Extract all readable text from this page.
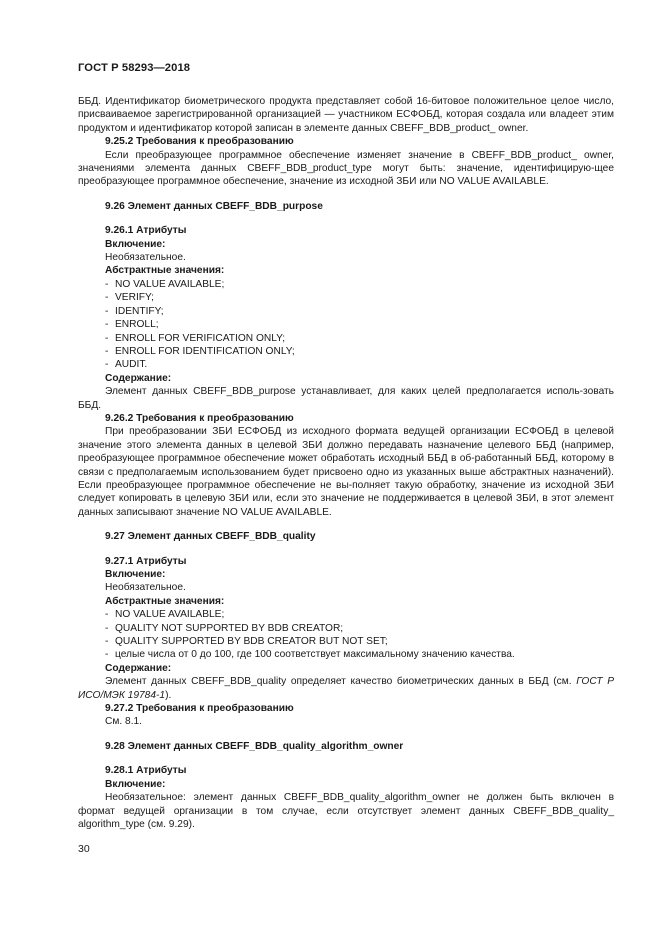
ГОСТ Р 58293—2018

ББД. Идентификатор биометрического продукта представляет собой 16-битовое положительное целое число, присваиваемое зарегистрированной организацией — участником ЕСФОБД, которая создала или владеет этим продуктом и идентификатор которой записан в элементе данных CBEFF_BDB_product_ owner.

9.25.2 Требования к преобразованию

Если преобразующее программное обеспечение изменяет значение в CBEFF_BDB_product_ owner, значениями элемента данных CBEFF_BDB_product_type могут быть: значение, идентифицирую-щее преобразующее программное обеспечение, значение из исходной ЗБИ или NO VALUE AVAILABLE.

9.26 Элемент данных CBEFF_BDB_purpose

9.26.1 Атрибуты

Включение:

Необязательное.

Абстрактные значения:

- NO VALUE AVAILABLE;
- VERIFY;
- IDENTIFY;
- ENROLL;
- ENROLL FOR VERIFICATION ONLY;
- ENROLL FOR IDENTIFICATION ONLY;
- AUDIT.

Содержание:

Элемент данных CBEFF_BDB_purpose устанавливает, для каких целей предполагается исполь-зовать ББД.

9.26.2 Требования к преобразованию

При преобразовании ЗБИ ЕСФОБД из исходного формата ведущей организации ЕСФОБД в целевой значение этого элемента данных в целевой ЗБИ должно передавать назначение целевого ББД (например, преобразующее программное обеспечение может обработать исходный ББД в об-работанный ББД, которому в связи с предполагаемым использованием будет присвоено одно из указанных выше абстрактных назначений). Если преобразующее программное обеспечение не вы-полняет такую обработку, значение из исходной ЗБИ следует копировать в целевую ЗБИ или, если это значение не поддерживается в целевой ЗБИ, в этот элемент данных записывают значение NO VALUE AVAILABLE.

9.27 Элемент данных CBEFF_BDB_quality

9.27.1 Атрибуты

Включение:

Необязательное.

Абстрактные значения:

- NO VALUE AVAILABLE;
- QUALITY NOT SUPPORTED BY BDB CREATOR;
- QUALITY SUPPORTED BY BDB CREATOR BUT NOT SET;
- целые числа от 0 до 100, где 100 соответствует максимальному значению качества.

Содержание:

Элемент данных CBEFF_BDB_quality определяет качество биометрических данных в ББД (см. ГОСТ Р ИСО/МЭК 19784-1).

9.27.2 Требования к преобразованию

См. 8.1.

9.28 Элемент данных CBEFF_BDB_quality_algorithm_owner

9.28.1 Атрибуты

Включение:

Необязательное: элемент данных CBEFF_BDB_quality_algorithm_owner не должен быть включен в формат ведущей организации в том случае, если отсутствует элемент данных CBEFF_BDB_quality_ algorithm_type (см. 9.29).

30
